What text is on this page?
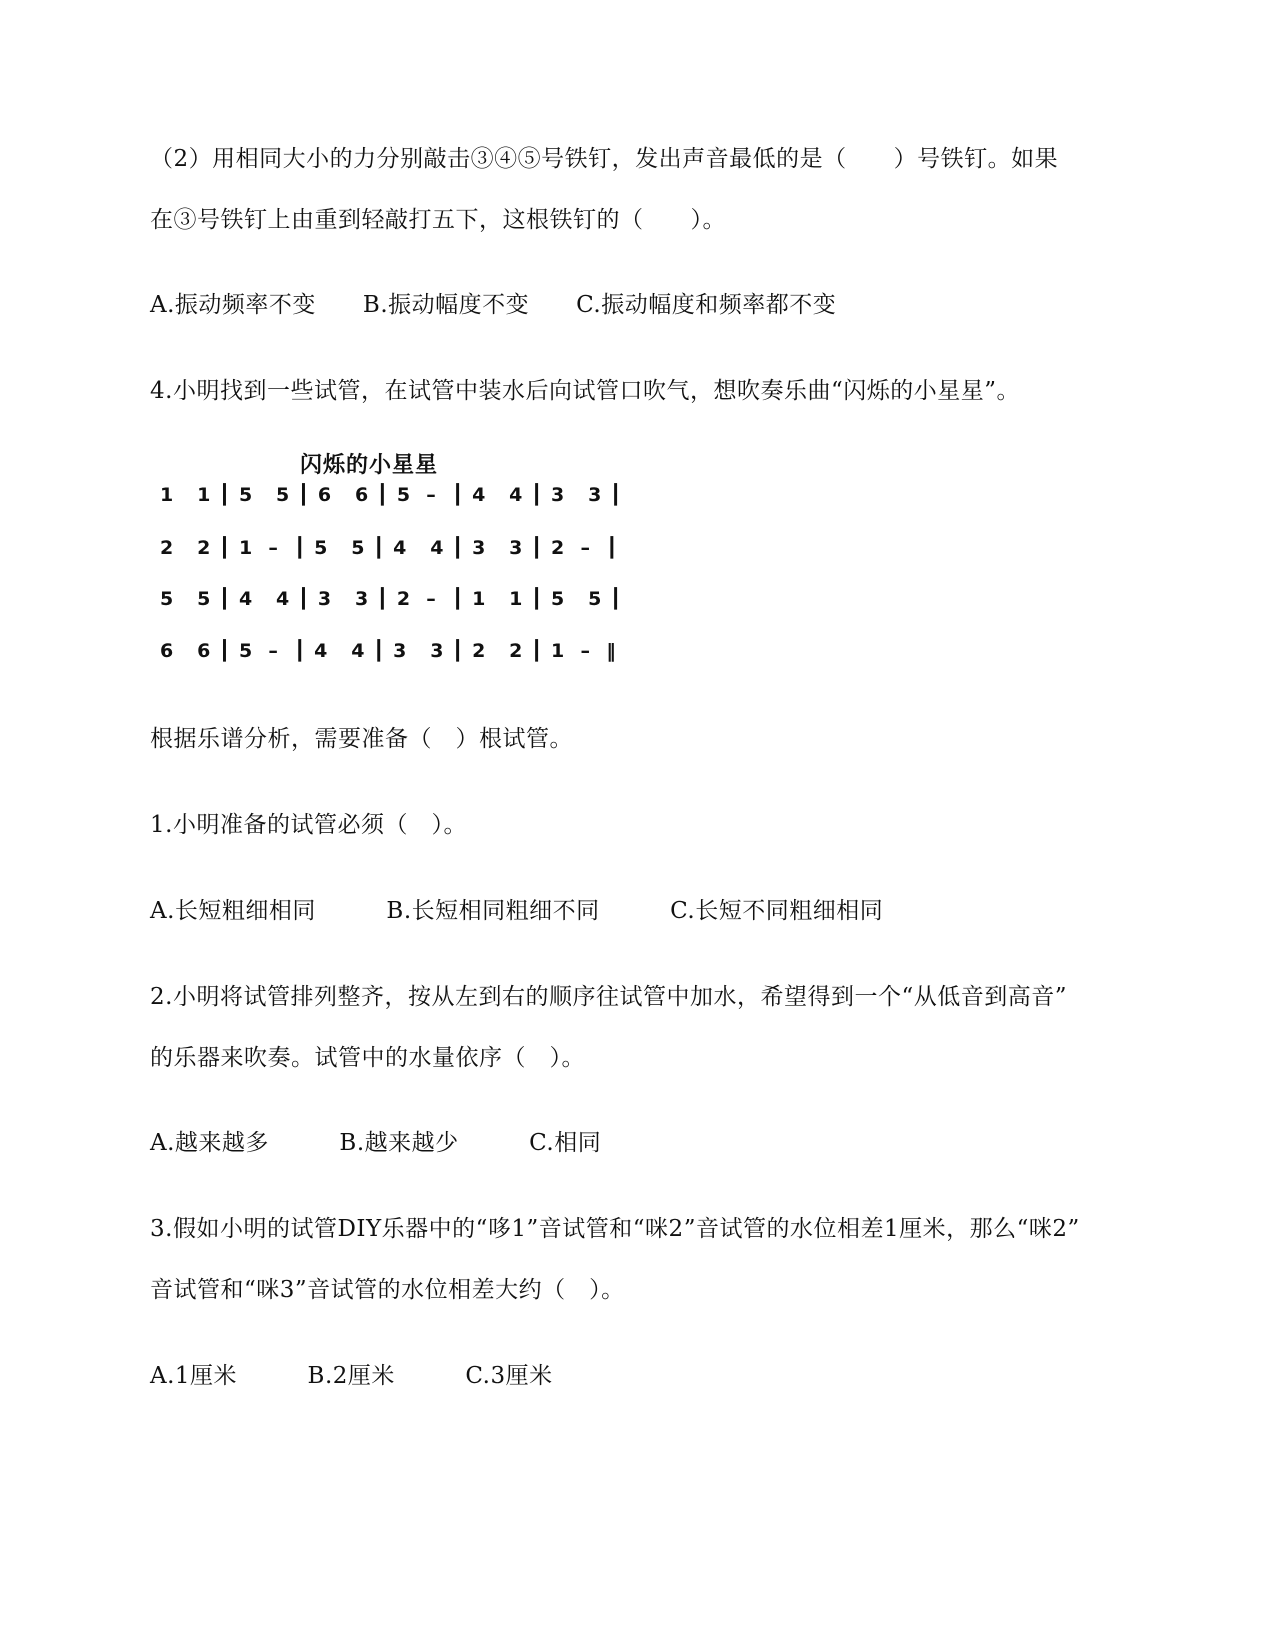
（2）用相同大小的力分别敲击③④⑤号铁钉，发出声音最低的是（　　）号铁钉。如果
在③号铁钉上由重到轻敲打五下，这根铁钉的（　　）。
A.振动频率不变　　B.振动幅度不变　　C.振动幅度和频率都不变
4.小明找到一些试管，在试管中装水后向试管口吹气，想吹奏乐曲“闪烁的小星星”。
闪烁的小星星
1   1 ┃ 5   5 ┃ 6   6 ┃ 5  –  ┃ 4   4 ┃ 3   3 ┃
2   2 ┃ 1  –  ┃ 5   5 ┃ 4   4 ┃ 3   3 ┃ 2  –  ┃
5   5 ┃ 4   4 ┃ 3   3 ┃ 2  –  ┃ 1   1 ┃ 5   5 ┃
6   6 ┃ 5  –  ┃ 4   4 ┃ 3   3 ┃ 2   2 ┃ 1  –  ‖
根据乐谱分析，需要准备（　）根试管。
1.小明准备的试管必须（　）。
A.长短粗细相同　　　B.长短相同粗细不同　　　C.长短不同粗细相同
2.小明将试管排列整齐，按从左到右的顺序往试管中加水，希望得到一个“从低音到高音”
的乐器来吹奏。试管中的水量依序（　）。
A.越来越多　　　B.越来越少　　　C.相同
3.假如小明的试管DIY乐器中的“哆1”音试管和“咪2”音试管的水位相差1厘米，那么“咪2”
音试管和“咪3”音试管的水位相差大约（　）。
A.1厘米　　　B.2厘米　　　C.3厘米
